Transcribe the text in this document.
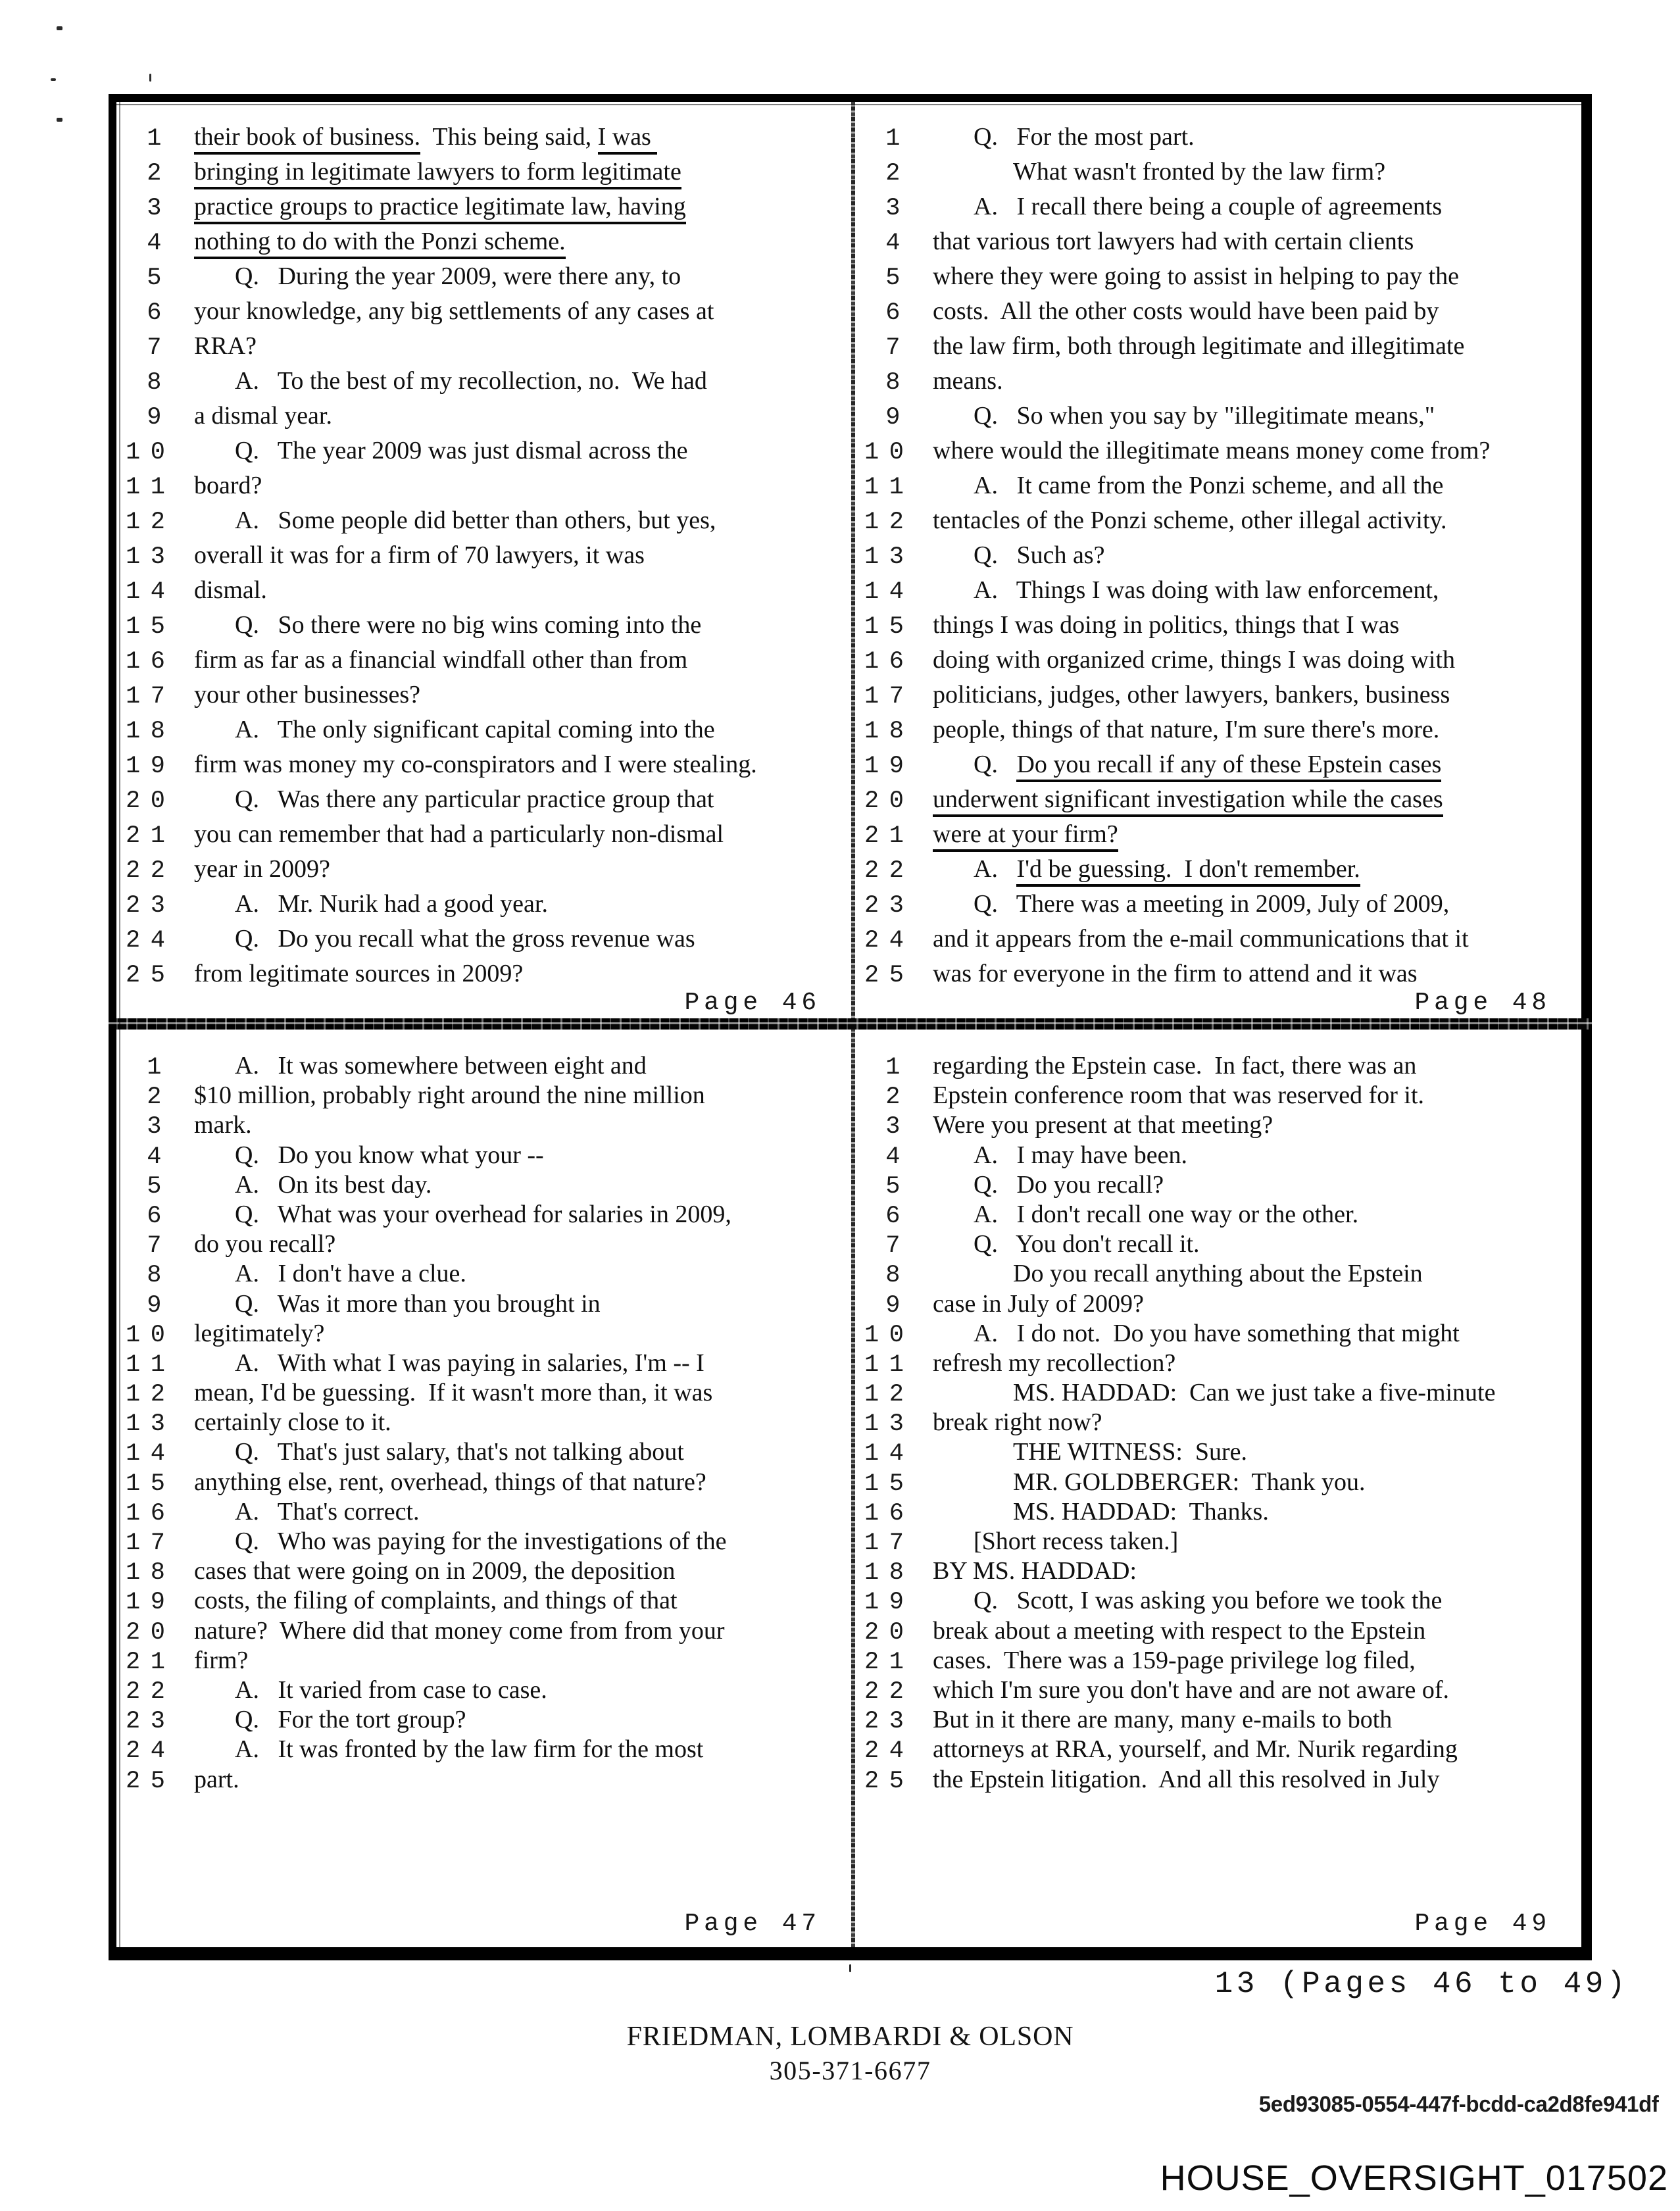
1 their book of business.  This being said, I was
2 bringing in legitimate lawyers to form legitimate
3 practice groups to practice legitimate law, having
4 nothing to do with the Ponzi scheme.
5	Q.   During the year 2009, were there any, to
6 your knowledge, any big settlements of any cases at
7 RRA?
8	A.   To the best of my recollection, no.  We had
9 a dismal year.
10	Q.   The year 2009 was just dismal across the
11 board?
12	A.   Some people did better than others, but yes,
13 overall it was for a firm of 70 lawyers, it was
14 dismal.
15	Q.   So there were no big wins coming into the
16 firm as far as a financial windfall other than from
17 your other businesses?
18	A.   The only significant capital coming into the
19 firm was money my co-conspirators and I were stealing.
20	Q.   Was there any particular practice group that
21 you can remember that had a particularly non-dismal
22 year in 2009?
23	A.   Mr. Nurik had a good year.
24	Q.   Do you recall what the gross revenue was
25 from legitimate sources in 2009?
Page 46
1	Q.   For the most part.
2	What wasn't fronted by the law firm?
3	A.   I recall there being a couple of agreements
4 that various tort lawyers had with certain clients
5 where they were going to assist in helping to pay the
6 costs.  All the other costs would have been paid by
7 the law firm, both through legitimate and illegitimate
8 means.
9	Q.   So when you say by "illegitimate means,"
10 where would the illegitimate means money come from?
11	A.   It came from the Ponzi scheme, and all the
12 tentacles of the Ponzi scheme, other illegal activity.
13	Q.   Such as?
14	A.   Things I was doing with law enforcement,
15 things I was doing in politics, things that I was
16 doing with organized crime, things I was doing with
17 politicians, judges, other lawyers, bankers, business
18 people, things of that nature, I'm sure there's more.
19	Q.   Do you recall if any of these Epstein cases
20 underwent significant investigation while the cases
21 were at your firm?
22	A.   I'd be guessing.  I don't remember.
23	Q.   There was a meeting in 2009, July of 2009,
24 and it appears from the e-mail communications that it
25 was for everyone in the firm to attend and it was
Page 48
1	A.   It was somewhere between eight and
2 $10 million, probably right around the nine million
3 mark.
4	Q.   Do you know what your --
5	A.   On its best day.
6	Q.   What was your overhead for salaries in 2009,
7 do you recall?
8	A.   I don't have a clue.
9	Q.   Was it more than you brought in
10 legitimately?
11	A.   With what I was paying in salaries, I'm -- I
12 mean, I'd be guessing.  If it wasn't more than, it was
13 certainly close to it.
14	Q.   That's just salary, that's not talking about
15 anything else, rent, overhead, things of that nature?
16	A.   That's correct.
17	Q.   Who was paying for the investigations of the
18 cases that were going on in 2009, the deposition
19 costs, the filing of complaints, and things of that
20 nature?  Where did that money come from from your
21 firm?
22	A.   It varied from case to case.
23	Q.   For the tort group?
24	A.   It was fronted by the law firm for the most
25 part.
Page 47
1 regarding the Epstein case.  In fact, there was an
2 Epstein conference room that was reserved for it.
3 Were you present at that meeting?
4	A.   I may have been.
5	Q.   Do you recall?
6	A.   I don't recall one way or the other.
7	Q.   You don't recall it.
8	Do you recall anything about the Epstein
9 case in July of 2009?
10	A.   I do not.  Do you have something that might
11 refresh my recollection?
12	MS. HADDAD:  Can we just take a five-minute
13 break right now?
14	THE WITNESS:  Sure.
15	MR. GOLDBERGER:  Thank you.
16	MS. HADDAD:  Thanks.
17	[Short recess taken.]
18 BY MS. HADDAD:
19	Q.   Scott, I was asking you before we took the
20 break about a meeting with respect to the Epstein
21 cases.  There was a 159-page privilege log filed,
22 which I'm sure you don't have and are not aware of.
23 But in it there are many, many e-mails to both
24 attorneys at RRA, yourself, and Mr. Nurik regarding
25 the Epstein litigation.  And all this resolved in July
Page 49
13 (Pages 46 to 49)
FRIEDMAN, LOMBARDI & OLSON
305-371-6677
5ed93085-0554-447f-bcdd-ca2d8fe941df
HOUSE_OVERSIGHT_017502
